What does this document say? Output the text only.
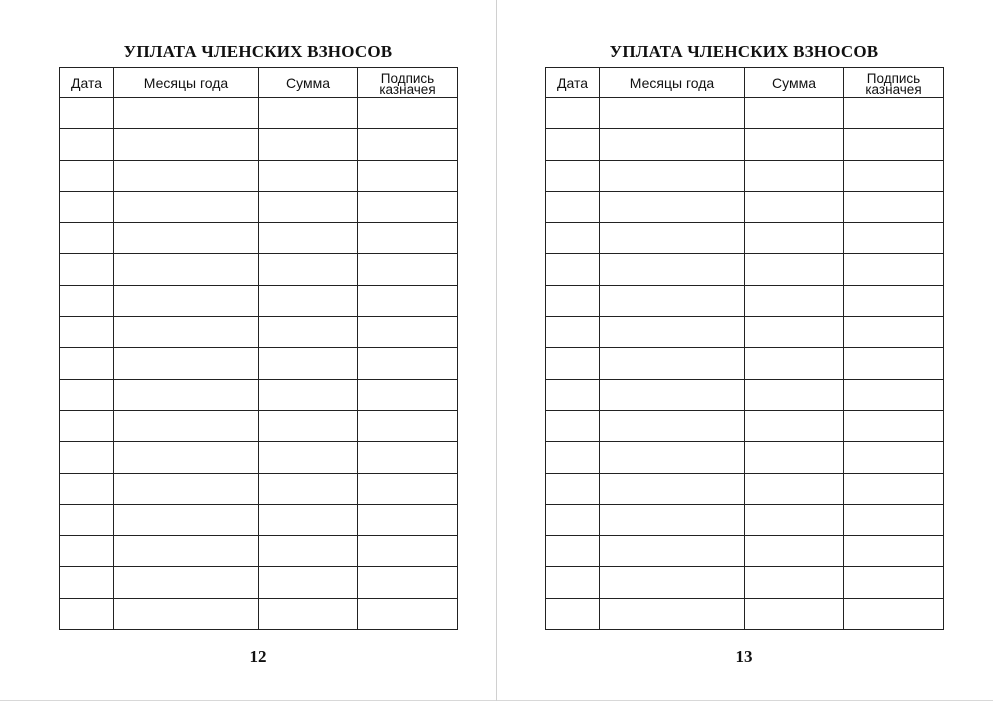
УПЛАТА ЧЛЕНСКИХ ВЗНОСОВ
Дата	Месяцы года	Сумма	Подпись
казначея

12
УПЛАТА ЧЛЕНСКИХ ВЗНОСОВ
Дата	Месяцы года	Сумма	Подпись
казначея

13
